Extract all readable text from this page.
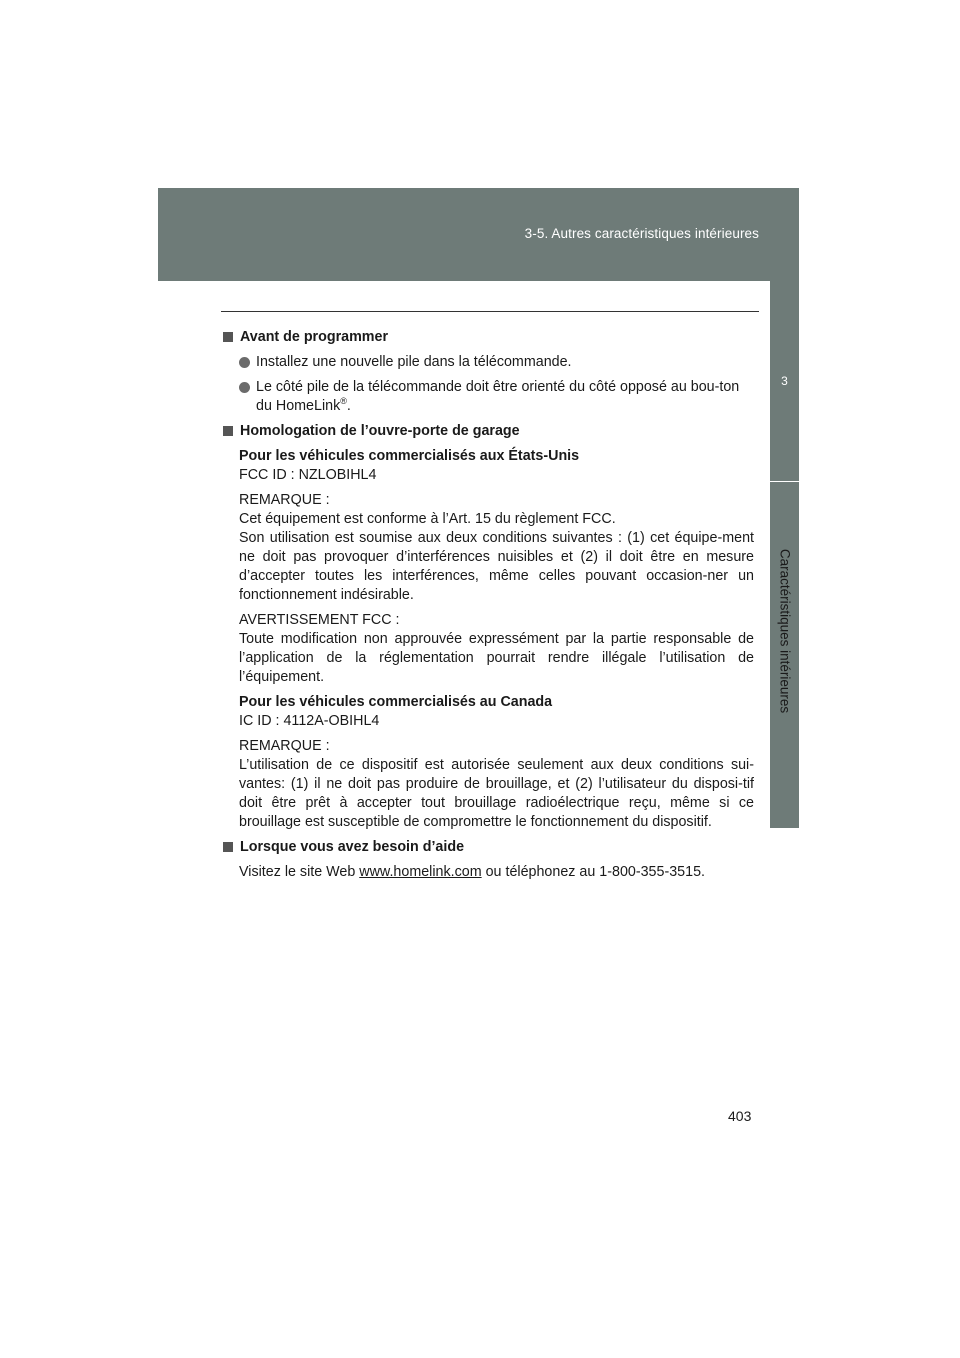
3-5. Autres caractéristiques intérieures
3
Caractéristiques intérieures
Avant de programmer
Installez une nouvelle pile dans la télécommande.
Le côté pile de la télécommande doit être orienté du côté opposé au bou-ton du HomeLink®.
Homologation de l’ouvre-porte de garage

Pour les véhicules commercialisés aux États-Unis
FCC ID : NZLOBIHL4

REMARQUE :
Cet équipement est conforme à l’Art. 15 du règlement FCC.
Son utilisation est soumise aux deux conditions suivantes : (1) cet équipe-ment ne doit pas provoquer d’interférences nuisibles et (2) il doit être en mesure d’accepter toutes les interférences, même celles pouvant occasion-ner un fonctionnement indésirable.

AVERTISSEMENT FCC :
Toute modification non approuvée expressément par la partie responsable de l’application de la réglementation pourrait rendre illégale l’utilisation de l’équipement.

Pour les véhicules commercialisés au Canada
IC ID : 4112A-OBIHL4

REMARQUE :
L’utilisation de ce dispositif est autorisée seulement aux deux conditions sui-vantes: (1) il ne doit pas produire de brouillage, et (2) l’utilisateur du disposi-tif doit être prêt à accepter tout brouillage radioélectrique reçu, même si ce brouillage est susceptible de compromettre le fonctionnement du dispositif.

Lorsque vous avez besoin d’aide

Visitez le site Web www.homelink.com ou téléphonez au 1-800-355-3515.

403
